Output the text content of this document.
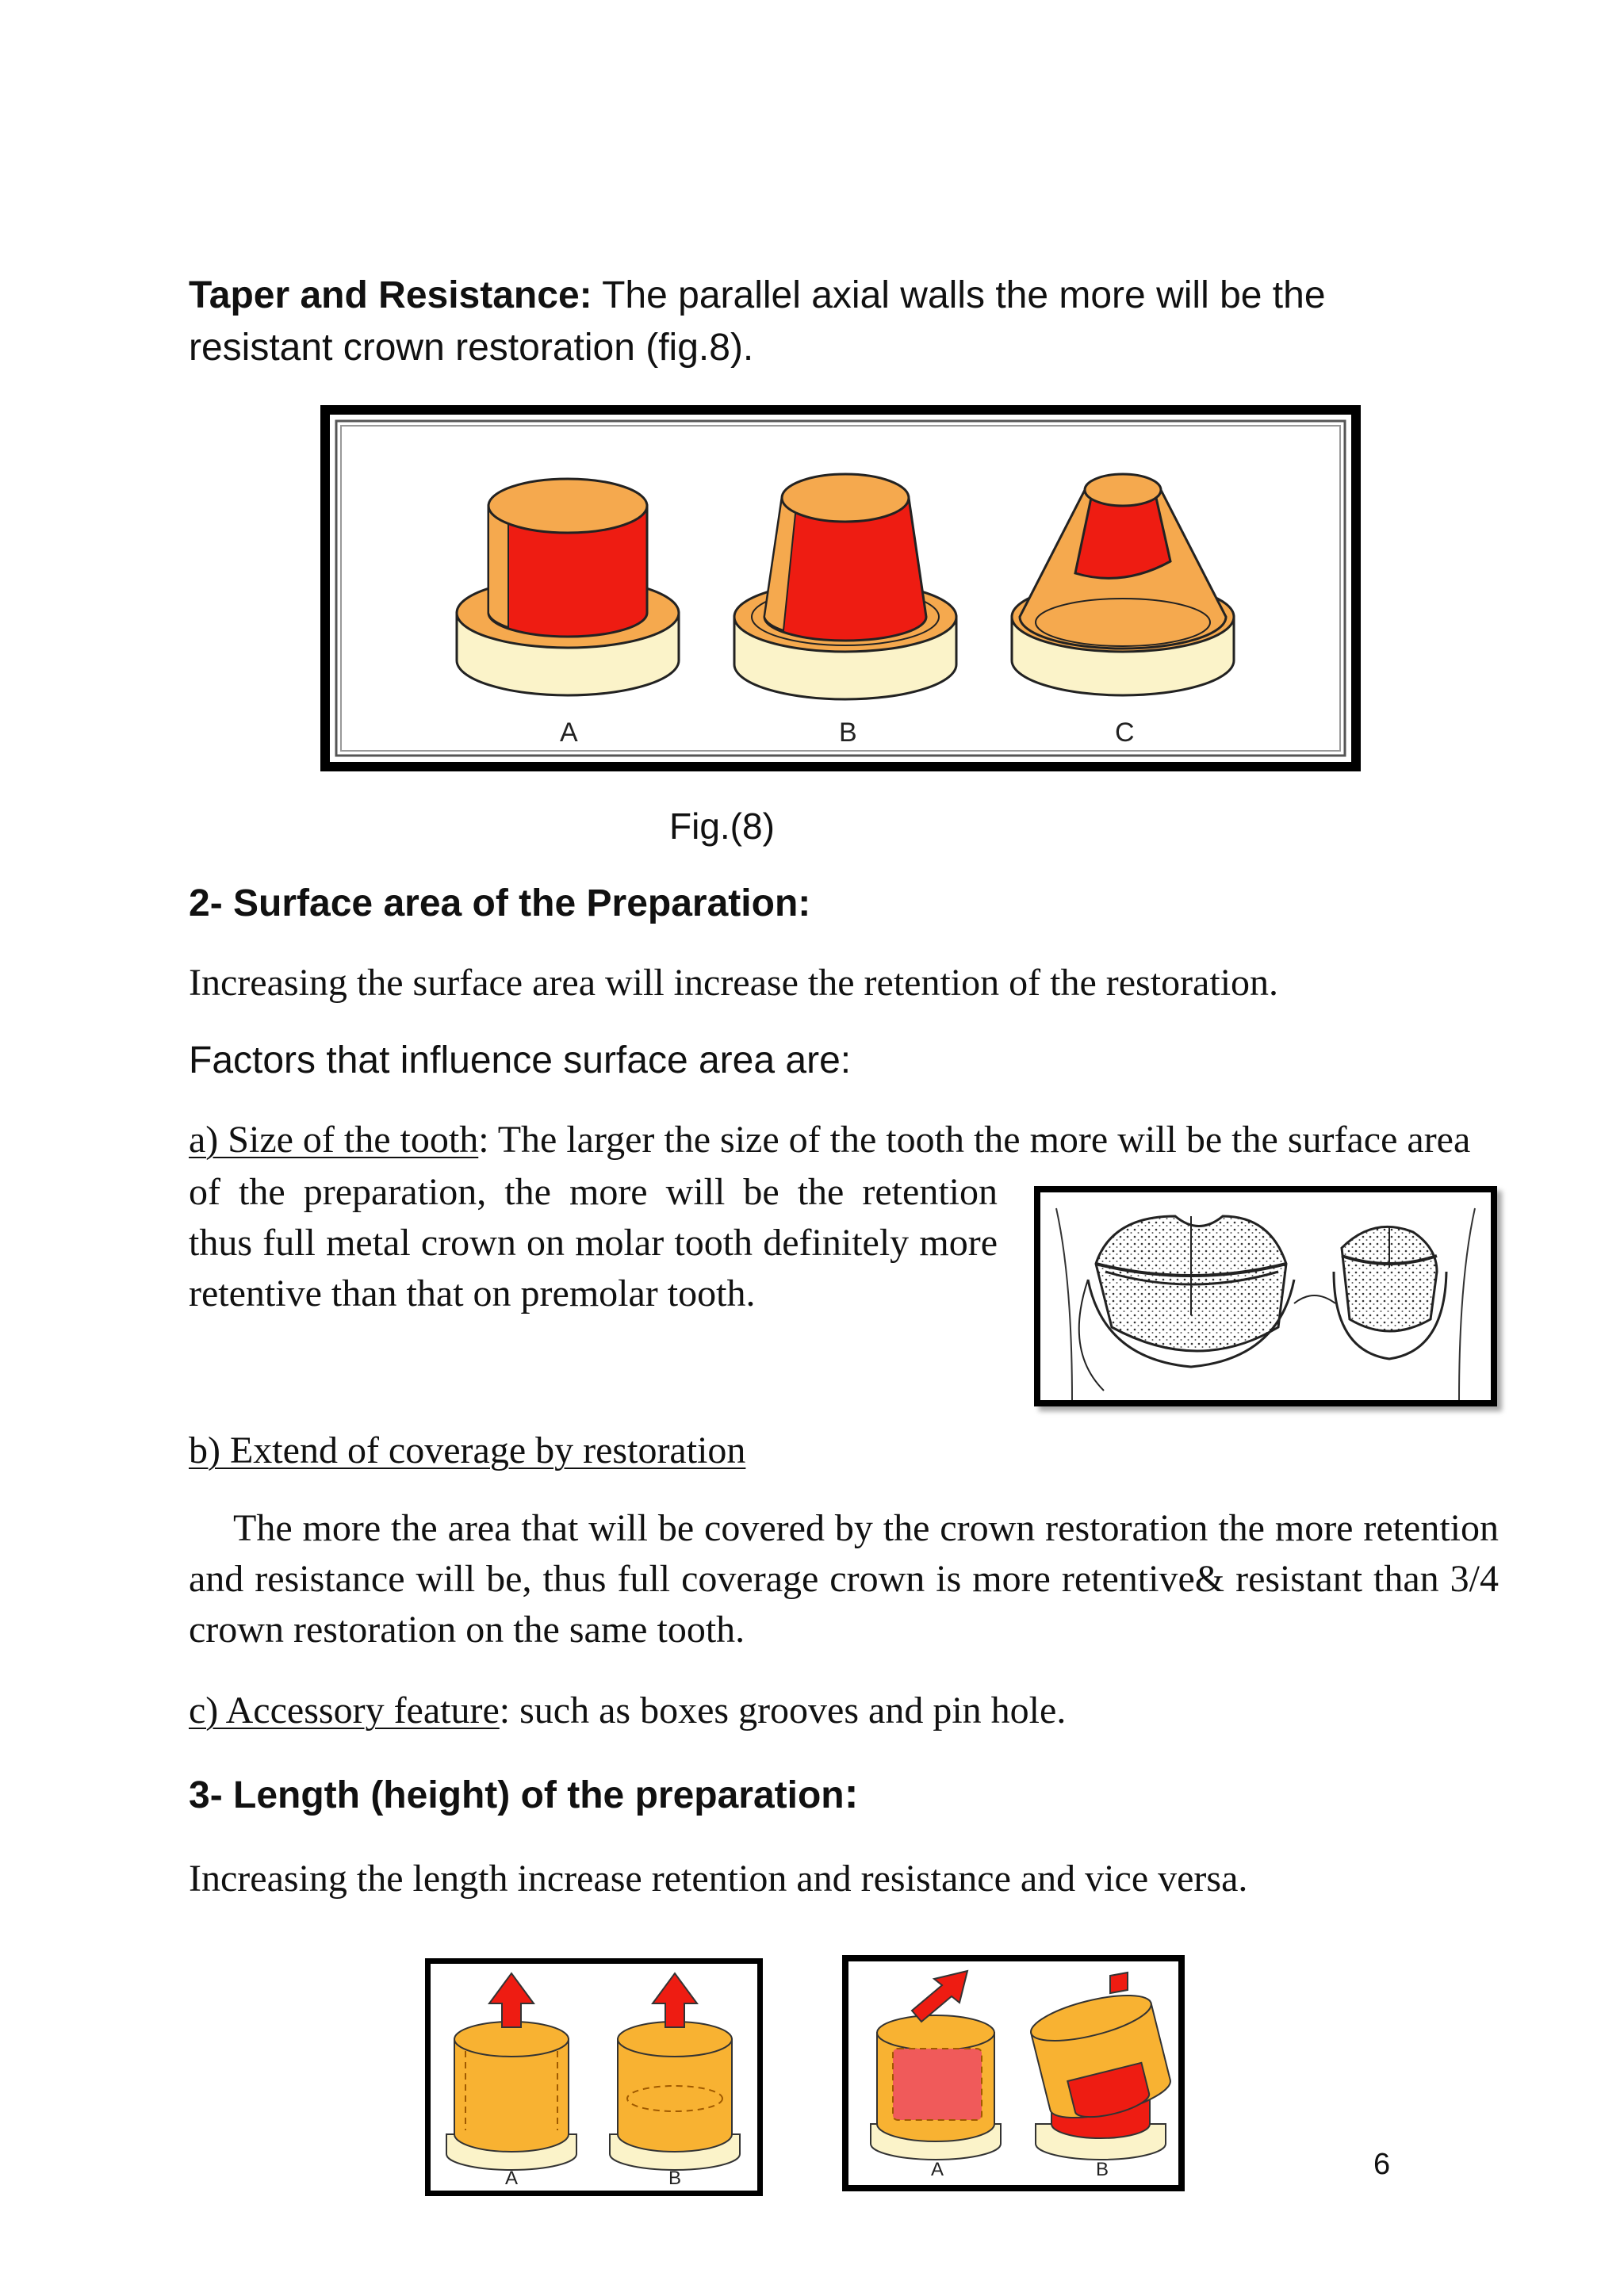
Taper and Resistance: The parallel axial walls the more will be the resistant crown restoration (fig.8).
A	B	C
Fig.(8)
2- Surface area of the Preparation:
Increasing the surface area will increase the retention of the restoration.
Factors that influence surface area are:
a) Size of the tooth: The larger the size of the tooth the more will be the surface area
of the preparation, the more will be the retention thus full metal crown on molar tooth definitely more retentive than that on premolar tooth.
b) Extend of coverage by restoration
The more the area that will be covered by the crown restoration the more retention and resistance will be, thus full coverage crown is more retentive& resistant than 3/4 crown restoration on the same tooth.
c) Accessory feature: such as boxes grooves and pin hole.
3- Length (height) of the preparation:
Increasing the length increase retention and resistance and vice versa.
A	B	A	B	6
